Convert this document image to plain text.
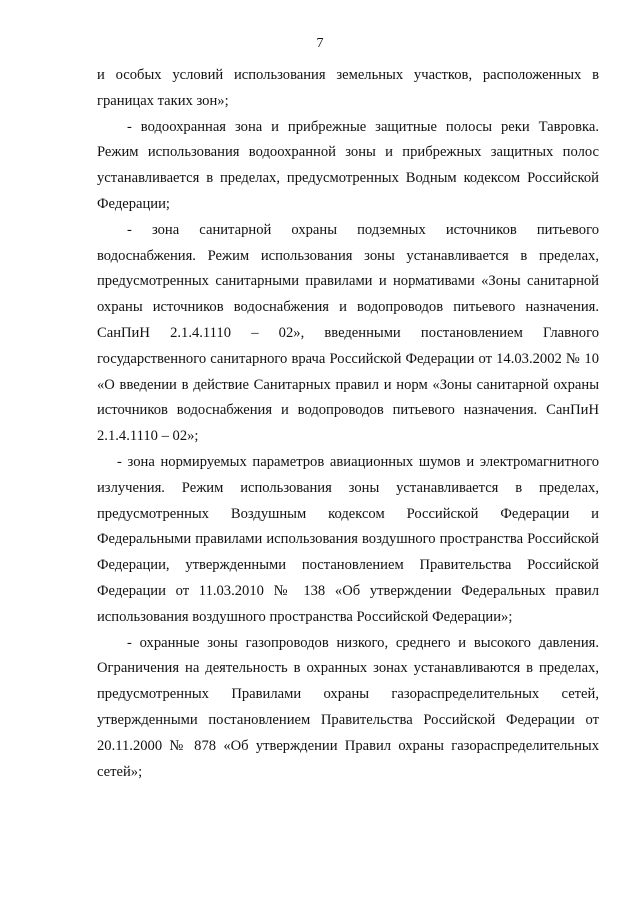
7

и особых условий использования земельных участков, расположенных в границах таких зон»;

- водоохранная зона и прибрежные защитные полосы реки Тавровка. Режим использования водоохранной зоны и прибрежных защитных полос устанавливается в пределах, предусмотренных Водным кодексом Российской Федерации;

- зона санитарной охраны подземных источников питьевого водоснабжения. Режим использования зоны устанавливается в пределах, предусмотренных санитарными правилами и нормативами «Зоны санитарной охраны источников водоснабжения и водопроводов питьевого назначения. СанПиН 2.1.4.1110 – 02», введенными постановлением Главного государственного санитарного врача Российской Федерации от 14.03.2002 № 10 «О введении в действие Санитарных правил и норм «Зоны санитарной охраны источников водоснабжения и водопроводов питьевого назначения. СанПиН 2.1.4.1110 – 02»;

- зона нормируемых параметров авиационных шумов и электромагнитного излучения. Режим использования зоны устанавливается в пределах, предусмотренных Воздушным кодексом Российской Федерации и Федеральными правилами использования воздушного пространства Российской Федерации, утвержденными постановлением Правительства Российской Федерации от 11.03.2010 № 138 «Об утверждении Федеральных правил использования воздушного пространства Российской Федерации»;

- охранные зоны газопроводов низкого, среднего и высокого давления. Ограничения на деятельность в охранных зонах устанавливаются в пределах, предусмотренных Правилами охраны газораспределительных сетей, утвержденными постановлением Правительства Российской Федерации от 20.11.2000 № 878 «Об утверждении Правил охраны газораспределительных сетей»;
